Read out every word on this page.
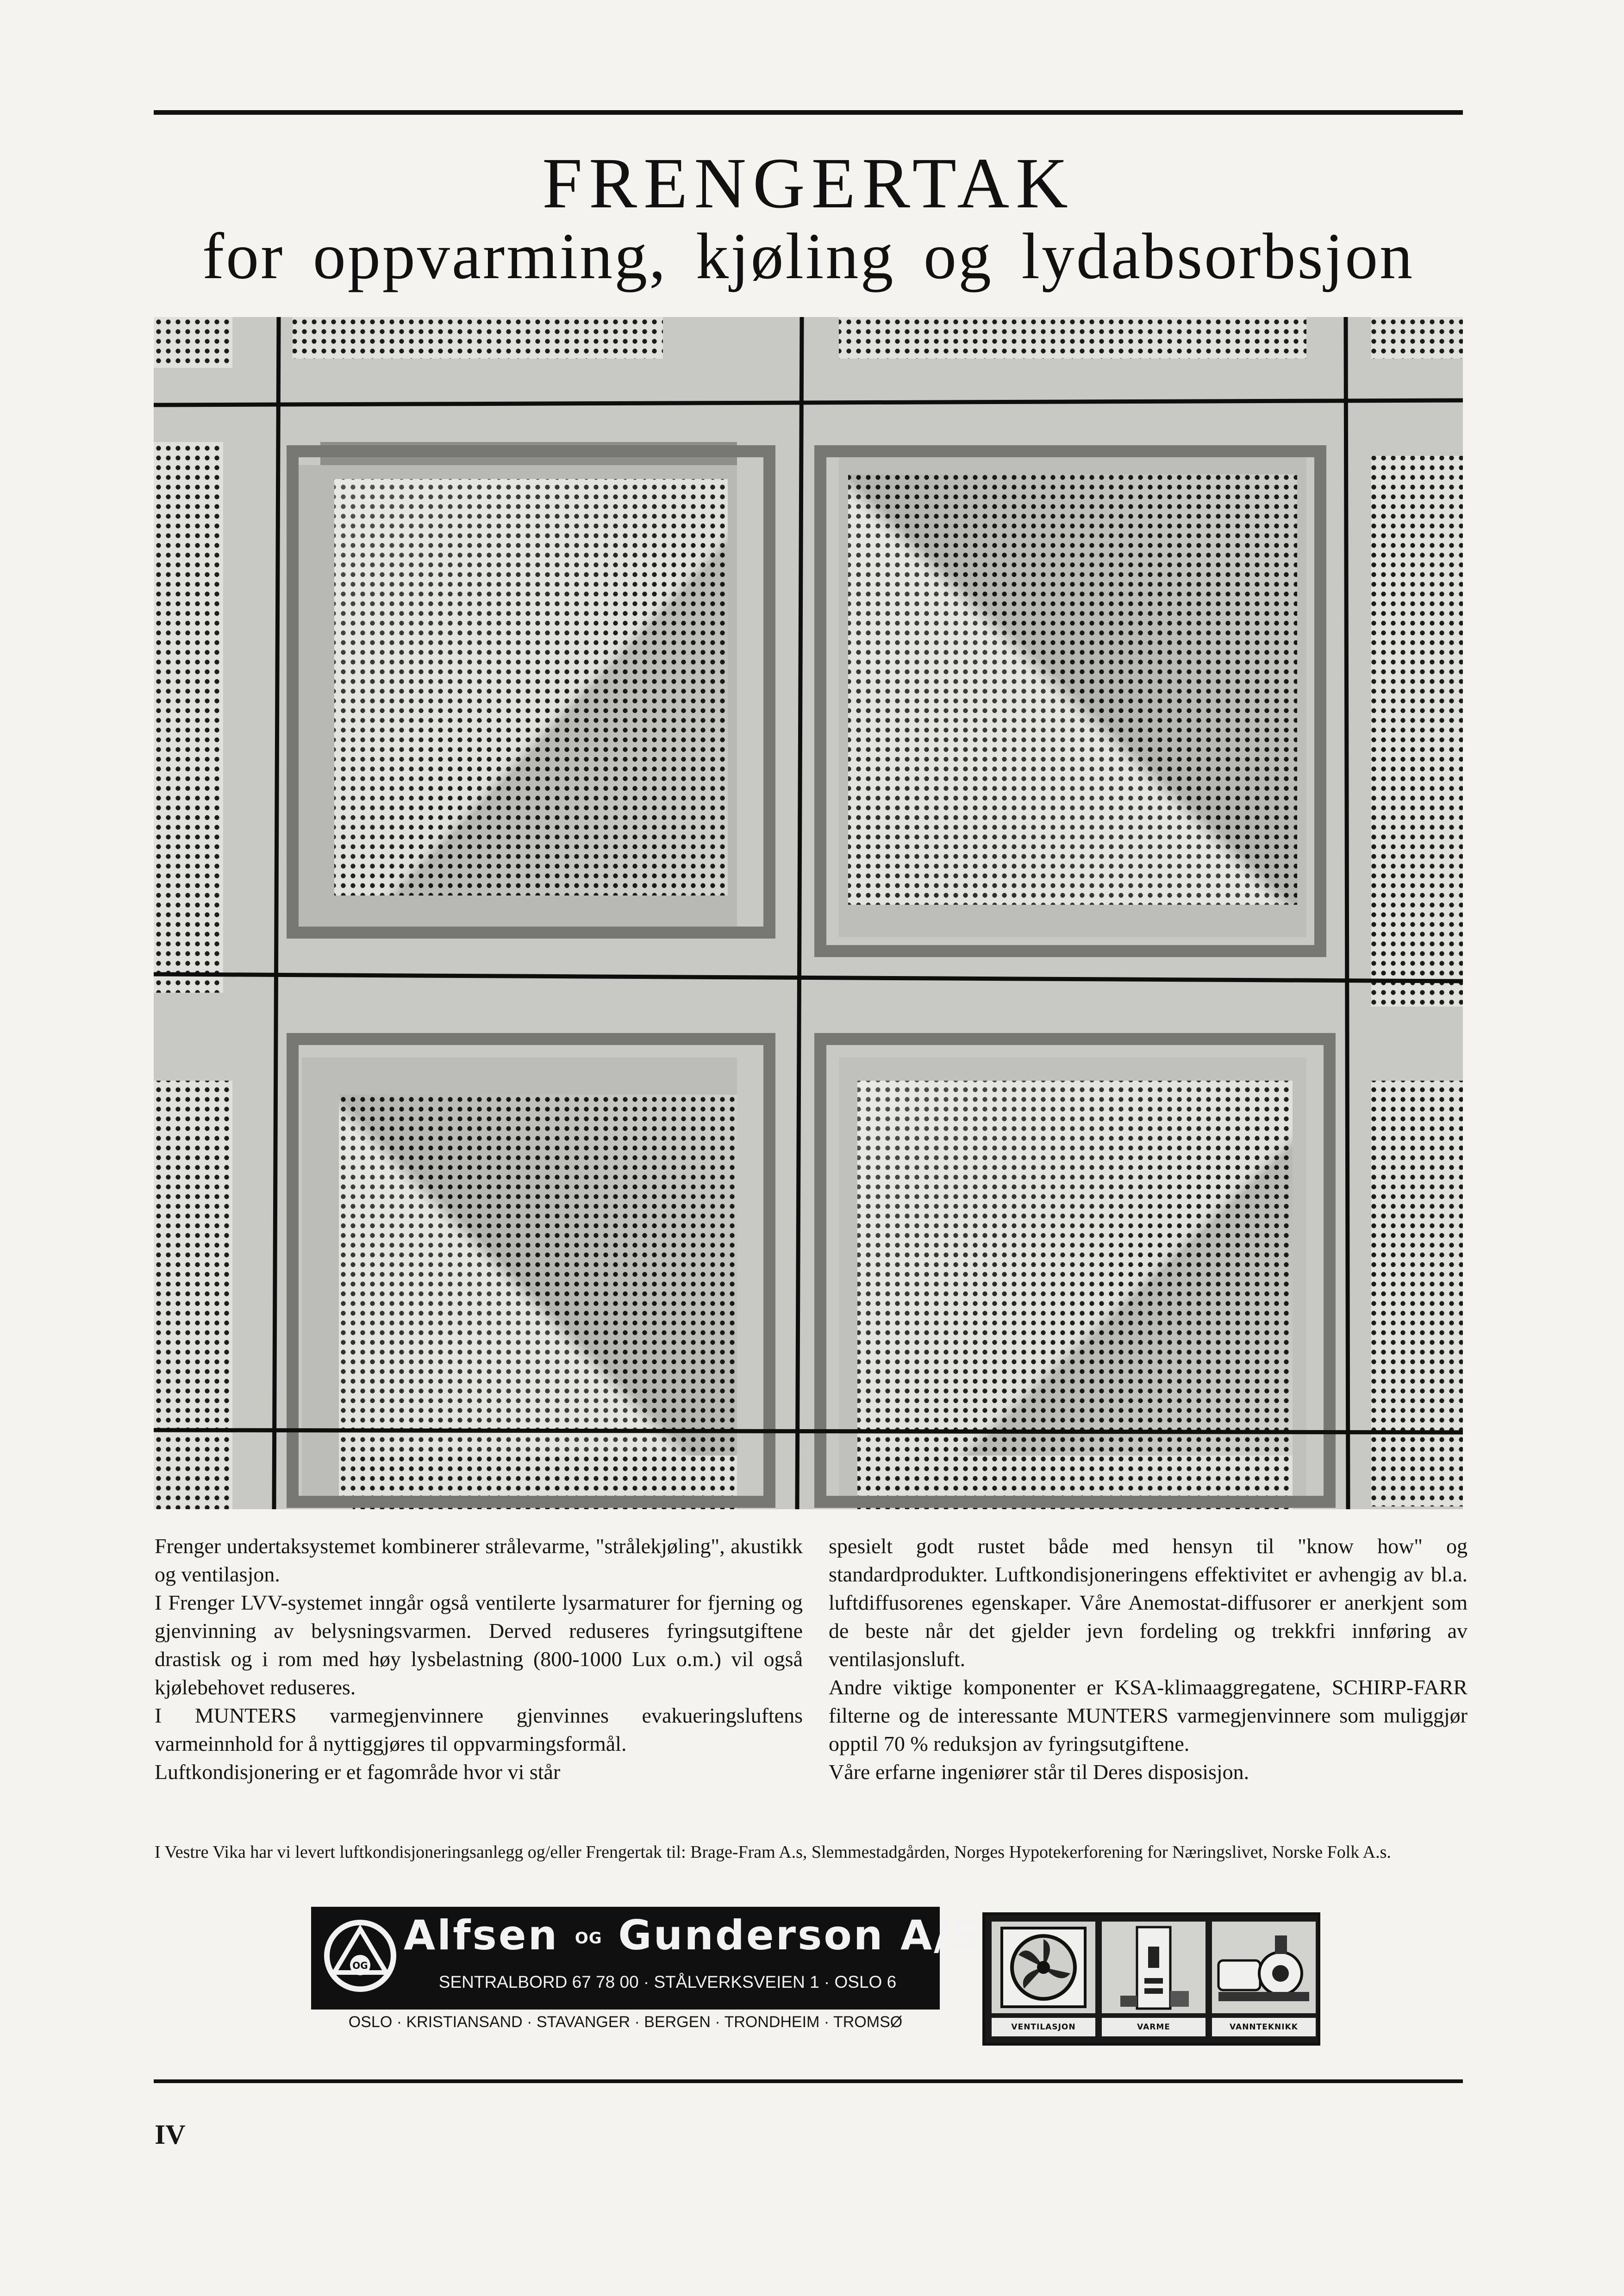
FRENGERTAK
for oppvarming, kjøling og lydabsorbsjon

Frenger undertaksystemet kombinerer strålevarme, "strålekjøling", akustikk og ventilasjon.

I Frenger LVV-systemet inngår også ventilerte lysarmaturer for fjerning og gjenvinning av belysningsvarmen. Derved reduseres fyringsutgiftene drastisk og i rom med høy lysbelastning (800-1000 Lux o.m.) vil også kjølebehovet reduseres.

I MUNTERS varmegjenvinnere gjenvinnes evakueringsluftens varmeinnhold for å nyttiggjøres til oppvarmingsformål.

Luftkondisjonering er et fagområde hvor vi står

spesielt godt rustet både med hensyn til "know how" og standardprodukter. Luftkondisjoneringens effektivitet er avhengig av bl.a. luftdiffusorenes egenskaper. Våre Anemostat-diffusorer er anerkjent som de beste når det gjelder jevn fordeling og trekkfri innføring av ventilasjonsluft.

Andre viktige komponenter er KSA-klimaaggregatene, SCHIRP-FARR filterne og de interessante MUNTERS varmegjenvinnere som muliggjør opptil 70 % reduksjon av fyringsutgiftene.

Våre erfarne ingeniører står til Deres disposisjon.

I Vestre Vika har vi levert luftkondisjoneringsanlegg og/eller Frengertak til: Brage-Fram A.s, Slemmestadgården, Norges Hypotekerforening for Næringslivet, Norske Folk A.s.

OG
Alfsen OG Gunderson A/S
SENTRALBORD 67 78 00 · STÅLVERKSVEIEN 1 · OSLO 6
OSLO · KRISTIANSAND · STAVANGER · BERGEN · TRONDHEIM · TROMSØ	VENTILASJON	VARME	VANNTEKNIKK

IV
